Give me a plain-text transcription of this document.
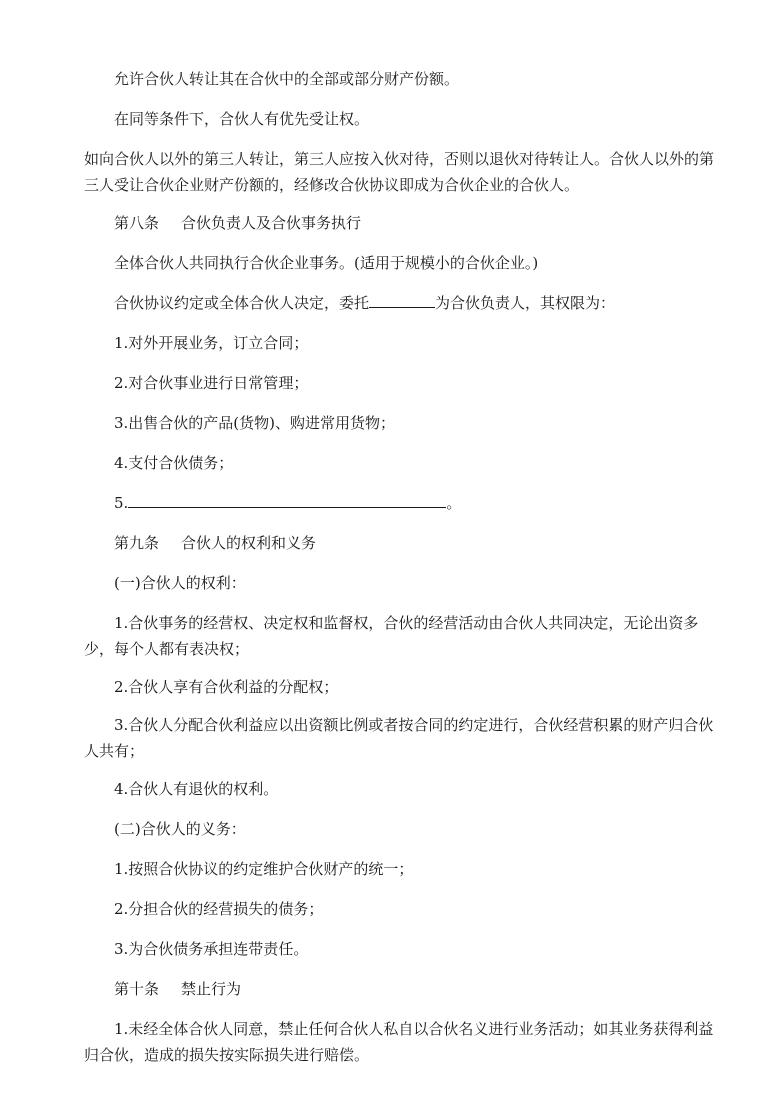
允许合伙人转让其在合伙中的全部或部分财产份额。

在同等条件下，合伙人有优先受让权。

如向合伙人以外的第三人转让，第三人应按入伙对待，否则以退伙对待转让人。合伙人以外的第三人受让合伙企业财产份额的，经修改合伙协议即成为合伙企业的合伙人。

第八条 合伙负责人及合伙事务执行

全体合伙人共同执行合伙企业事务。(适用于规模小的合伙企业。)

合伙协议约定或全体合伙人决定，委托	为合伙负责人，其权限为：

1.对外开展业务，订立合同；

2.对合伙事业进行日常管理；

3.出售合伙的产品(货物)、购进常用货物；

4.支付合伙债务；

5.	。

第九条 合伙人的权利和义务

(一)合伙人的权利：

1.合伙事务的经营权、决定权和监督权，合伙的经营活动由合伙人共同决定，无论出资多少，每个人都有表决权；

2.合伙人享有合伙利益的分配权；

3.合伙人分配合伙利益应以出资额比例或者按合同的约定进行，合伙经营积累的财产归合伙人共有；

4.合伙人有退伙的权利。

(二)合伙人的义务：

1.按照合伙协议的约定维护合伙财产的统一；

2.分担合伙的经营损失的债务；

3.为合伙债务承担连带责任。

第十条 禁止行为

1.未经全体合伙人同意，禁止任何合伙人私自以合伙名义进行业务活动；如其业务获得利益归合伙，造成的损失按实际损失进行赔偿。
